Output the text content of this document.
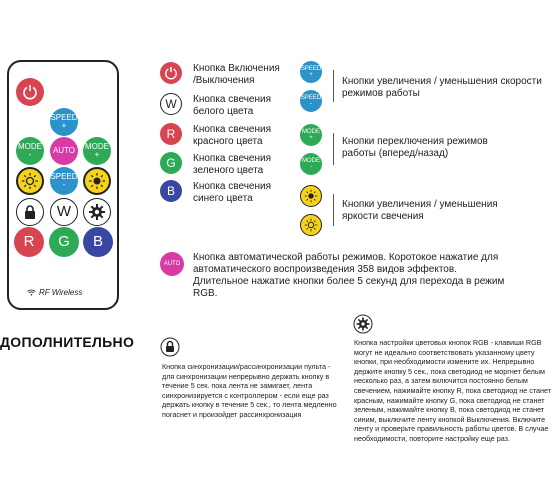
SPEED
+
MODE
-	AUTO MODE
+
SPEED
-
W
R G B
RF Wireless
Кнопка Включения /Выключения
W Кнопка свечения белого цвета
R Кнопка свечения красного цвета
G Кнопка свечения зеленого цвета
B Кнопка свечения синего цвета
SPEED
+
SPEED
-
Кнопки увеличения / уменьшения скорости режимов работы
MODE
+
MODE
-
Кнопки переключения режимов работы (вперед/назад)
Кнопки увеличения / уменьшения яркости свечения
AUTO
Кнопка автоматической работы режимов. Коротокое нажатие для автоматического воспроизведения 358 видов эффектов. Длительное нажатие кнопки более 5 секунд для перехода в режим RGB.
ДОПОЛНИТЕЛЬНО
Кнопка синхронизации/рассинхронизации пульта - для синхронизации непрерывно держать кнопку в течение 5 сек. пока лента не замигает, лента синхронизируется с контроллером - если еще раз держать кнопку в течение 5 сек., то лента медленно погаснет и произойдет рассинхронизация
Кнопка настройки цветовых кнопок RGB - клавиши RGB могут не идеально соответствовать указанному цвету кнопки, при необходимости измените их. Непрерывно держите кнопку 5 сек., пока светодиод не моргнет белым несколько раз, а затем включится постоянно белым свечением, нажимайте кнопку R, пока светодиод не станет красным, нажимайте кнопку G, пока светодиод не станет зеленым, нажимайте кнопку B, пока светодиод не станет синим, выключите ленту кнопкой Выключения. Включите ленту и проверьте правильность работы цветов. В случае необходимости, повторите настройку еще раз.
